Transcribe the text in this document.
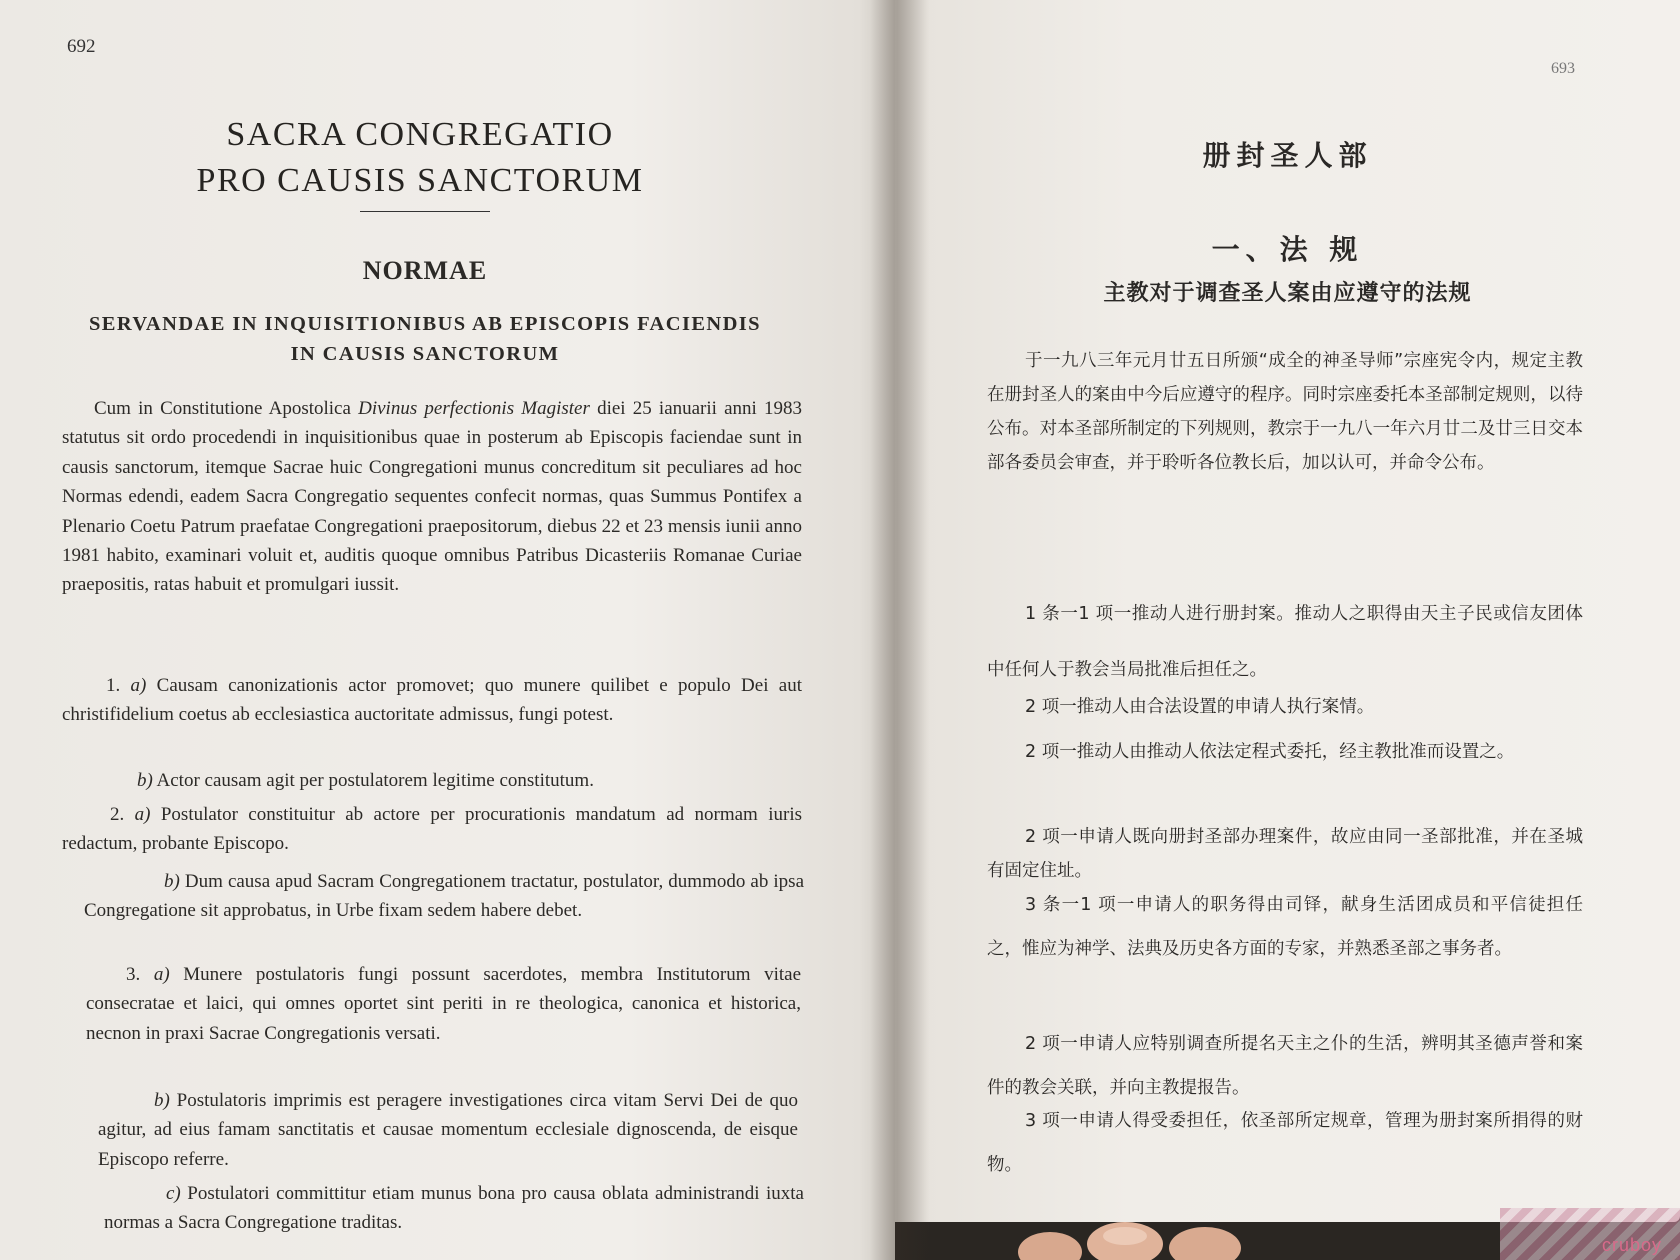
692
SACRA CONGREGATIO
PRO CAUSIS SANCTORUM
NORMAE
SERVANDAE IN INQUISITIONIBUS AB EPISCOPIS FACIENDIS
IN CAUSIS SANCTORUM

Cum in Constitutione Apostolica Divinus perfectionis Magister diei 25 ianuarii anni 1983 statutus sit ordo procedendi in inquisitionibus quae in posterum ab Episcopis faciendae sunt in causis sanctorum, itemque Sacrae huic Congregationi munus concreditum sit peculiares ad hoc Normas edendi, eadem Sacra Congregatio sequentes confecit normas, quas Summus Pontifex a Plenario Coetu Patrum praefatae Congregationi praepositorum, diebus 22 et 23 mensis iunii anno 1981 habito, examinari voluit et, auditis quoque omnibus Patribus Dicasteriis Romanae Curiae praepositis, ratas habuit et promulgari iussit.

1. a) Causam canonizationis actor promovet; quo munere quilibet e populo Dei aut christifidelium coetus ab ecclesiastica auctoritate admissus, fungi potest.

b) Actor causam agit per postulatorem legitime constitutum.

2. a) Postulator constituitur ab actore per procurationis mandatum ad normam iuris redactum, probante Episcopo.

b) Dum causa apud Sacram Congregationem tractatur, postulator, dummodo ab ipsa Congregatione sit approbatus, in Urbe fixam sedem habere debet.

3. a) Munere postulatoris fungi possunt sacerdotes, membra Institutorum vitae consecratae et laici, qui omnes oportet sint periti in re theologica, canonica et historica, necnon in praxi Sacrae Congregationis versati.

b) Postulatoris imprimis est peragere investigationes circa vitam Servi Dei de quo agitur, ad eius famam sanctitatis et causae momentum ecclesiale dignoscenda, de eisque Episcopo referre.

c) Postulatori committitur etiam munus bona pro causa oblata administrandi iuxta normas a Sacra Congregatione traditas.

693
册封圣人部
一、法 规
主教对于调查圣人案由应遵守的法规

于一九八三年元月廿五日所颁“成全的神圣导师”宗座宪令内，规定主教在册封圣人的案由中今后应遵守的程序。同时宗座委托本圣部制定规则，以待公布。对本圣部所制定的下列规则，教宗于一九八一年六月廿二及廿三日交本部各委员会审查，并于聆听各位教长后，加以认可，并命令公布。

1 条一1 项一推动人进行册封案。推动人之职得由天主子民或信友团体中任何人于教会当局批准后担任之。

2 项一推动人由合法设置的申请人执行案情。

2 项一推动人由推动人依法定程式委托，经主教批准而设置之。

2 项一申请人既向册封圣部办理案件，故应由同一圣部批准，并在圣城有固定住址。

3 条一1 项一申请人的职务得由司铎，献身生活团成员和平信徒担任之，惟应为神学、法典及历史各方面的专家，并熟悉圣部之事务者。

2 项一申请人应特别调查所提名天主之仆的生活，辨明其圣德声誉和案件的教会关联，并向主教提报告。

3 项一申请人得受委担任，依圣部所定规章，管理为册封案所捐得的财物。

cruboy
